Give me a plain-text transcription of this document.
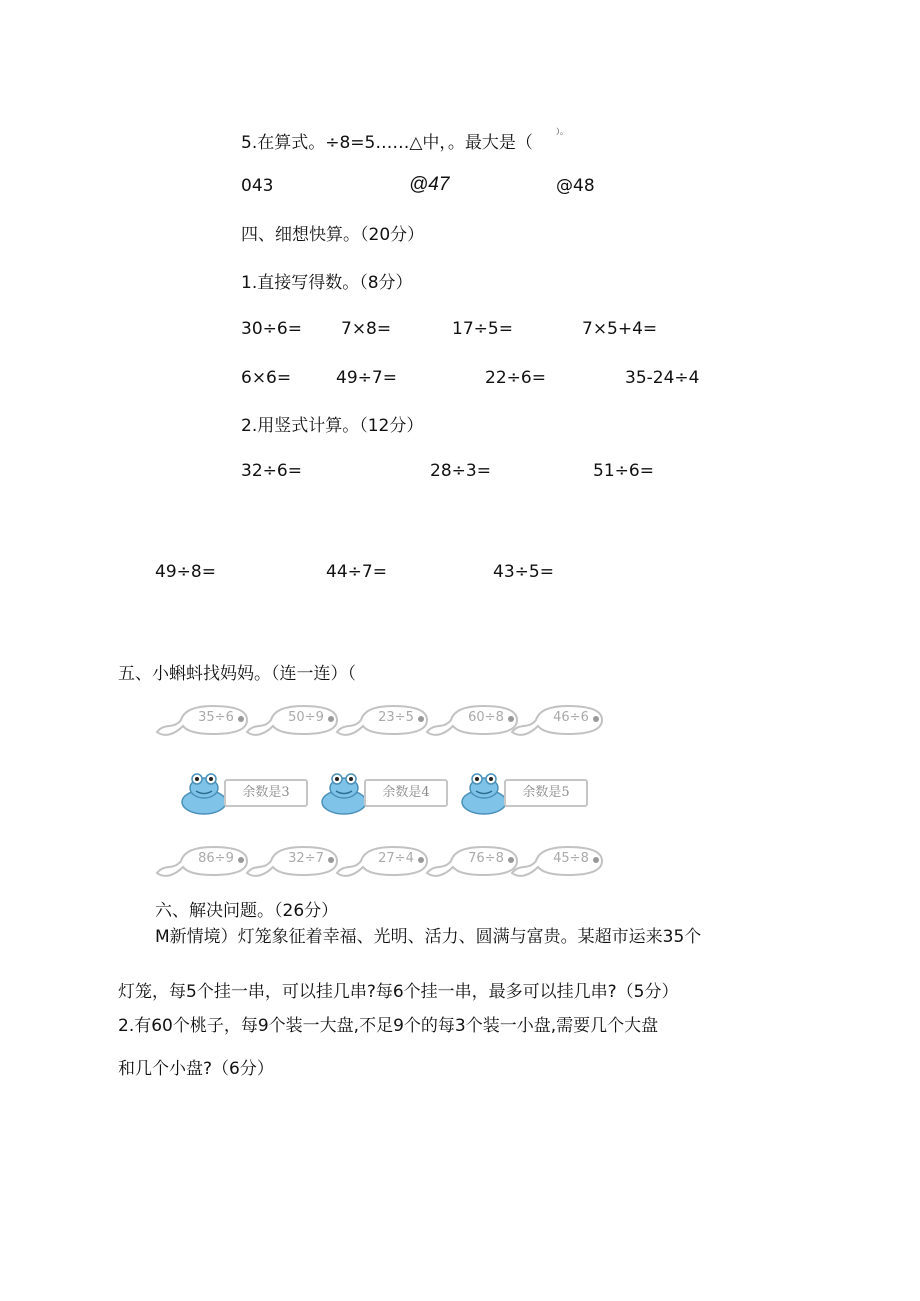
5.在算式。÷8=5……△中，。最大是（
）。
043	@47	@48
四、细想快算。（20分）
1.直接写得数。（8分）
30÷6= 7×8=	17÷5=	7×5+4=
6×6=	49÷7=	22÷6=	35-24÷4
2.用竖式计算。（12分）
32÷6=	28÷3=	51÷6=
49÷8=	44÷7=	43÷5=
五、小蝌蚪找妈妈。（连一连）（
35÷6	50÷9	23÷5	60÷8	46÷6
余数是3	余数是4	余数是5
86÷9	32÷7	27÷4	76÷8	45÷8
六、解决问题。（26分）
M新情境）灯笼象征着幸福、光明、活力、圆满与富贵。某超市运来35个
灯笼，每5个挂一串，可以挂几串?每6个挂一串，最多可以挂几串?（5分）
2.有60个桃子，每9个装一大盘,不足9个的每3个装一小盘,需要几个大盘
和几个小盘?（6分）
